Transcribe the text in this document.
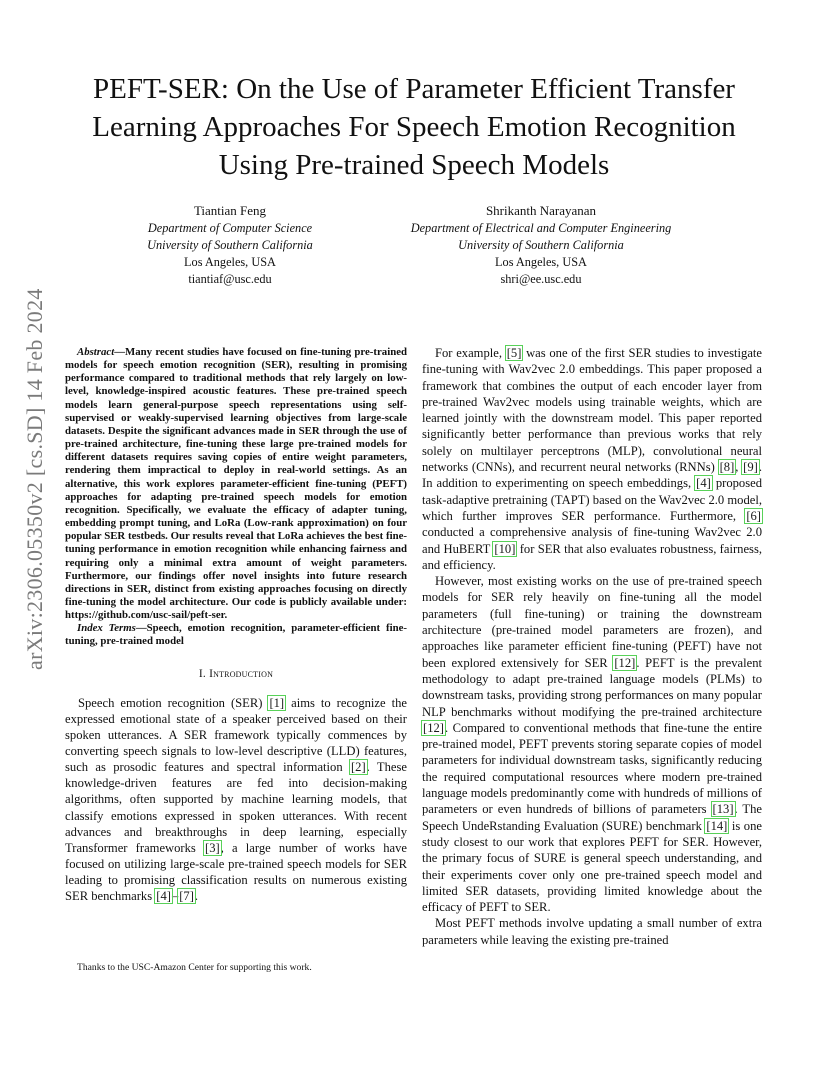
arXiv:2306.05350v2 [cs.SD] 14 Feb 2024
PEFT-SER: On the Use of Parameter Efficient Transfer Learning Approaches For Speech Emotion Recognition Using Pre-trained Speech Models
Tiantian Feng
Department of Computer Science
University of Southern California
Los Angeles, USA
tiantiaf@usc.edu
Shrikanth Narayanan
Department of Electrical and Computer Engineering
University of Southern California
Los Angeles, USA
shri@ee.usc.edu

Abstract—Many recent studies have focused on fine-tuning pre-trained models for speech emotion recognition (SER), resulting in promising performance compared to traditional methods that rely largely on low-level, knowledge-inspired acoustic features. These pre-trained speech models learn general-purpose speech representations using self-supervised or weakly-supervised learning objectives from large-scale datasets. Despite the significant advances made in SER through the use of pre-trained architecture, fine-tuning these large pre-trained models for different datasets requires saving copies of entire weight parameters, rendering them impractical to deploy in real-world settings. As an alternative, this work explores parameter-efficient fine-tuning (PEFT) approaches for adapting pre-trained speech models for emotion recognition. Specifically, we evaluate the efficacy of adapter tuning, embedding prompt tuning, and LoRa (Low-rank approximation) on four popular SER testbeds. Our results reveal that LoRa achieves the best fine-tuning performance in emotion recognition while enhancing fairness and requiring only a minimal extra amount of weight parameters. Furthermore, our findings offer novel insights into future research directions in SER, distinct from existing approaches focusing on directly fine-tuning the model architecture. Our code is publicly available under: https://github.com/usc-sail/peft-ser.

Index Terms—Speech, emotion recognition, parameter-efficient fine-tuning, pre-trained model

I. Introduction

Speech emotion recognition (SER) [1] aims to recognize the expressed emotional state of a speaker perceived based on their spoken utterances. A SER framework typically commences by converting speech signals to low-level descriptive (LLD) features, such as prosodic features and spectral information [2]. These knowledge-driven features are fed into decision-making algorithms, often supported by machine learning models, that classify emotions expressed in spoken utterances. With recent advances and breakthroughs in deep learning, especially Transformer frameworks [3], a large number of works have focused on utilizing large-scale pre-trained speech models for SER leading to promising classification results on numerous existing SER benchmarks [4]–[7].

Thanks to the USC-Amazon Center for supporting this work.

For example, [5] was one of the first SER studies to investigate fine-tuning with Wav2vec 2.0 embeddings. This paper proposed a framework that combines the output of each encoder layer from pre-trained Wav2vec models using trainable weights, which are learned jointly with the downstream model. This paper reported significantly better performance than previous works that rely solely on multilayer perceptrons (MLP), convolutional neural networks (CNNs), and recurrent neural networks (RNNs) [8], [9]. In addition to experimenting on speech embeddings, [4] proposed task-adaptive pretraining (TAPT) based on the Wav2vec 2.0 model, which further improves SER performance. Furthermore, [6] conducted a comprehensive analysis of fine-tuning Wav2vec 2.0 and HuBERT [10] for SER that also evaluates robustness, fairness, and efficiency.

However, most existing works on the use of pre-trained speech models for SER rely heavily on fine-tuning all the model parameters (full fine-tuning) or training the downstream architecture (pre-trained model parameters are frozen), and approaches like parameter efficient fine-tuning (PEFT) have not been explored extensively for SER [12]. PEFT is the prevalent methodology to adapt pre-trained language models (PLMs) to downstream tasks, providing strong performances on many popular NLP benchmarks without modifying the pre-trained architecture [12]. Compared to conventional methods that fine-tune the entire pre-trained model, PEFT prevents storing separate copies of model parameters for individual downstream tasks, significantly reducing the required computational resources where modern pre-trained language models predominantly come with hundreds of millions of parameters or even hundreds of billions of parameters [13]. The Speech UndeRstanding Evaluation (SURE) benchmark [14] is one study closest to our work that explores PEFT for SER. However, the primary focus of SURE is general speech understanding, and their experiments cover only one pre-trained speech model and limited SER datasets, providing limited knowledge about the efficacy of PEFT to SER.

Most PEFT methods involve updating a small number of extra parameters while leaving the existing pre-trained
